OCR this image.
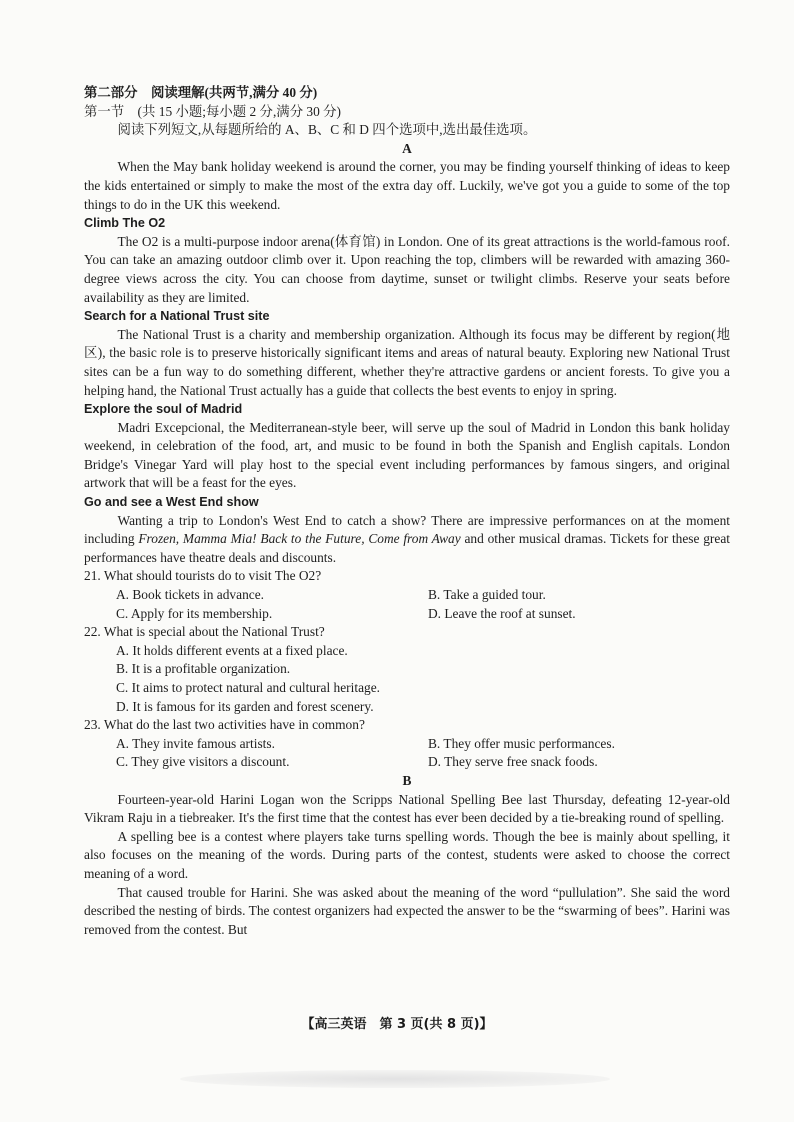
第二部分　阅读理解(共两节,满分 40 分)
第一节　(共 15 小题;每小题 2 分,满分 30 分)

阅读下列短文,从每题所给的 A、B、C 和 D 四个选项中,选出最佳选项。

A

When the May bank holiday weekend is around the corner, you may be finding yourself thinking of ideas to keep the kids entertained or simply to make the most of the extra day off. Luckily, we've got you a guide to some of the top things to do in the UK this weekend.

Climb The O2

The O2 is a multi-purpose indoor arena(体育馆) in London. One of its great attractions is the world-famous roof. You can take an amazing outdoor climb over it. Upon reaching the top, climbers will be rewarded with amazing 360-degree views across the city. You can choose from daytime, sunset or twilight climbs. Reserve your seats before availability as they are limited.

Search for a National Trust site

The National Trust is a charity and membership organization. Although its focus may be different by region(地区), the basic role is to preserve historically significant items and areas of natural beauty. Exploring new National Trust sites can be a fun way to do something different, whether they're attractive gardens or ancient forests. To give you a helping hand, the National Trust actually has a guide that collects the best events to enjoy in spring.

Explore the soul of Madrid

Madri Excepcional, the Mediterranean-style beer, will serve up the soul of Madrid in London this bank holiday weekend, in celebration of the food, art, and music to be found in both the Spanish and English capitals. London Bridge's Vinegar Yard will play host to the special event including performances by famous singers, and original artwork that will be a feast for the eyes.

Go and see a West End show

Wanting a trip to London's West End to catch a show? There are impressive performances on at the moment including Frozen, Mamma Mia! Back to the Future, Come from Away and other musical dramas. Tickets for these great performances have theatre deals and discounts.

21. What should tourists do to visit The O2?

A. Book tickets in advance.	B. Take a guided tour.
C. Apply for its membership.	D. Leave the roof at sunset.

22. What is special about the National Trust?

A. It holds different events at a fixed place.
B. It is a profitable organization.
C. It aims to protect natural and cultural heritage.
D. It is famous for its garden and forest scenery.

23. What do the last two activities have in common?

A. They invite famous artists.	B. They offer music performances.
C. They give visitors a discount.	D. They serve free snack foods.

B

Fourteen-year-old Harini Logan won the Scripps National Spelling Bee last Thursday, defeating 12-year-old Vikram Raju in a tiebreaker. It's the first time that the contest has ever been decided by a tie-breaking round of spelling.

A spelling bee is a contest where players take turns spelling words. Though the bee is mainly about spelling, it also focuses on the meaning of the words. During parts of the contest, students were asked to choose the correct meaning of a word.

That caused trouble for Harini. She was asked about the meaning of the word “pullulation”. She said the word described the nesting of birds. The contest organizers had expected the answer to be the “swarming of bees”. Harini was removed from the contest. But

【高三英语　第 3 页(共 8 页)】
